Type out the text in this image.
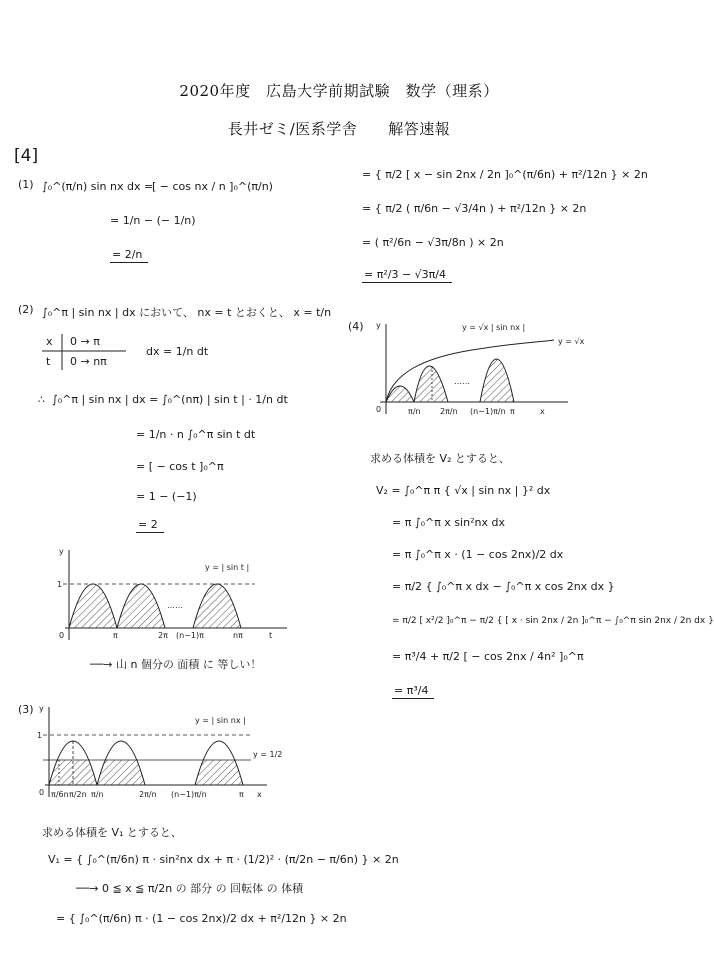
2020年度　広島大学前期試験　数学（理系）
長井ゼミ/医系学舎　　解答速報
[4]
(1) ∫₀^(π/n) sin nx dx =
[ − cos nx / n ]₀^(π/n)
= 1/n − (− 1/n)
= 2/n
(2) ∫₀^π | sin nx | dx において、 nx = t とおくと、 x = t/n
x 0 → π
t 0 → nπ
dx = 1/n dt
∴ ∫₀^π | sin nx | dx = ∫₀^(nπ) | sin t | · 1/n dt
= 1/n · n ∫₀^π sin t dt
= [ − cos t ]₀^π
= 1 − (−1)
= 2
y
1
0	π	2π (n−1)π	nπ	t
……
y = | sin t |
──→ 山 n 個分の 面積 に 等しい！
(3) y
1
0 π/6n π/2n π/n	2π/n (n−1)π/n	π x
y = | sin nx |
y = 1/2
求める体積を V₁ とすると、
V₁ = { ∫₀^(π/6n) π · sin²nx dx + π · (1/2)² · (π/2n − π/6n) } × 2n
──→ 0 ≦ x ≦ π/2n の 部分 の 回転体 の 体積
= { ∫₀^(π/6n) π · (1 − cos 2nx)/2 dx + π²/12n } × 2n
= { π/2 [ x − sin 2nx / 2n ]₀^(π/6n) + π²/12n } × 2n
= { π/2 ( π/6n − √3/4n ) + π²/12n } × 2n
= ( π²/6n − √3π/8n ) × 2n
= π²/3 − √3π/4
(4) y
0	π/n 2π/n (n−1)π/n π	x
……
y = √x | sin nx |
y = √x
求める体積を V₂ とすると、
V₂ = ∫₀^π π { √x | sin nx | }² dx
= π ∫₀^π x sin²nx dx
= π ∫₀^π x · (1 − cos 2nx)/2 dx
= π/2 { ∫₀^π x dx − ∫₀^π x cos 2nx dx }
= π/2 [ x²/2 ]₀^π − π/2 { [ x · sin 2nx / 2n ]₀^π − ∫₀^π sin 2nx / 2n dx }
= π³/4 + π/2 [ − cos 2nx / 4n² ]₀^π
= π³/4
